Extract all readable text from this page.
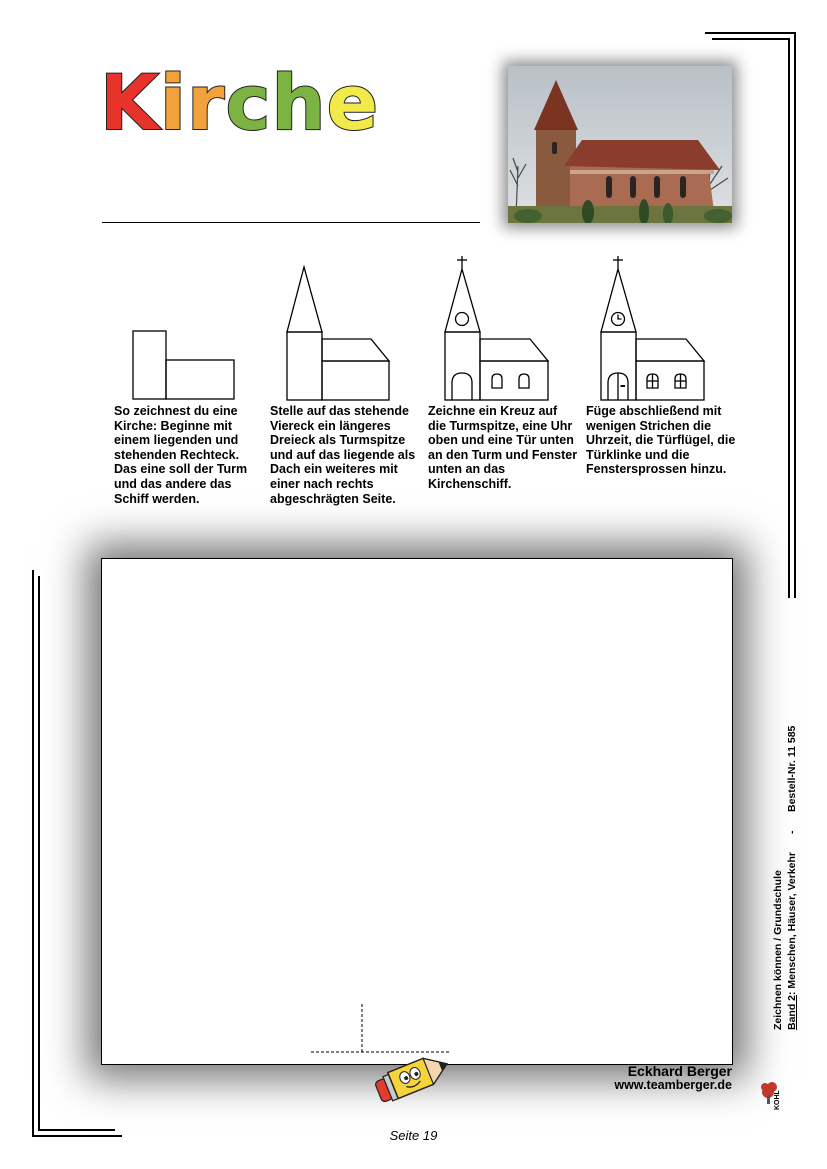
Kirche

So zeichnest du eine Kirche: Beginne mit einem liegenden und stehenden Rechteck. Das eine soll der Turm und das andere das Schiff werden.

Stelle auf das stehende Viereck ein längeres Dreieck als Turmspitze und auf das liegende als Dach ein weiteres mit einer nach rechts abgeschrägten Seite.

Zeichne ein Kreuz auf die Turmspitze, eine Uhr oben und eine Tür unten an den Turm und Fenster unten an das Kirchenschiff.

Füge abschließend mit wenigen Strichen die Uhrzeit, die Türflügel, die Türklinke und die Fenstersprossen hinzu.

Eckhard Berger
www.teamberger.de
KOHL
Bestell-Nr. 11 585
-
Band 2: Menschen, Häuser, Verkehr
Zeichnen können / Grundschule
Seite 19
